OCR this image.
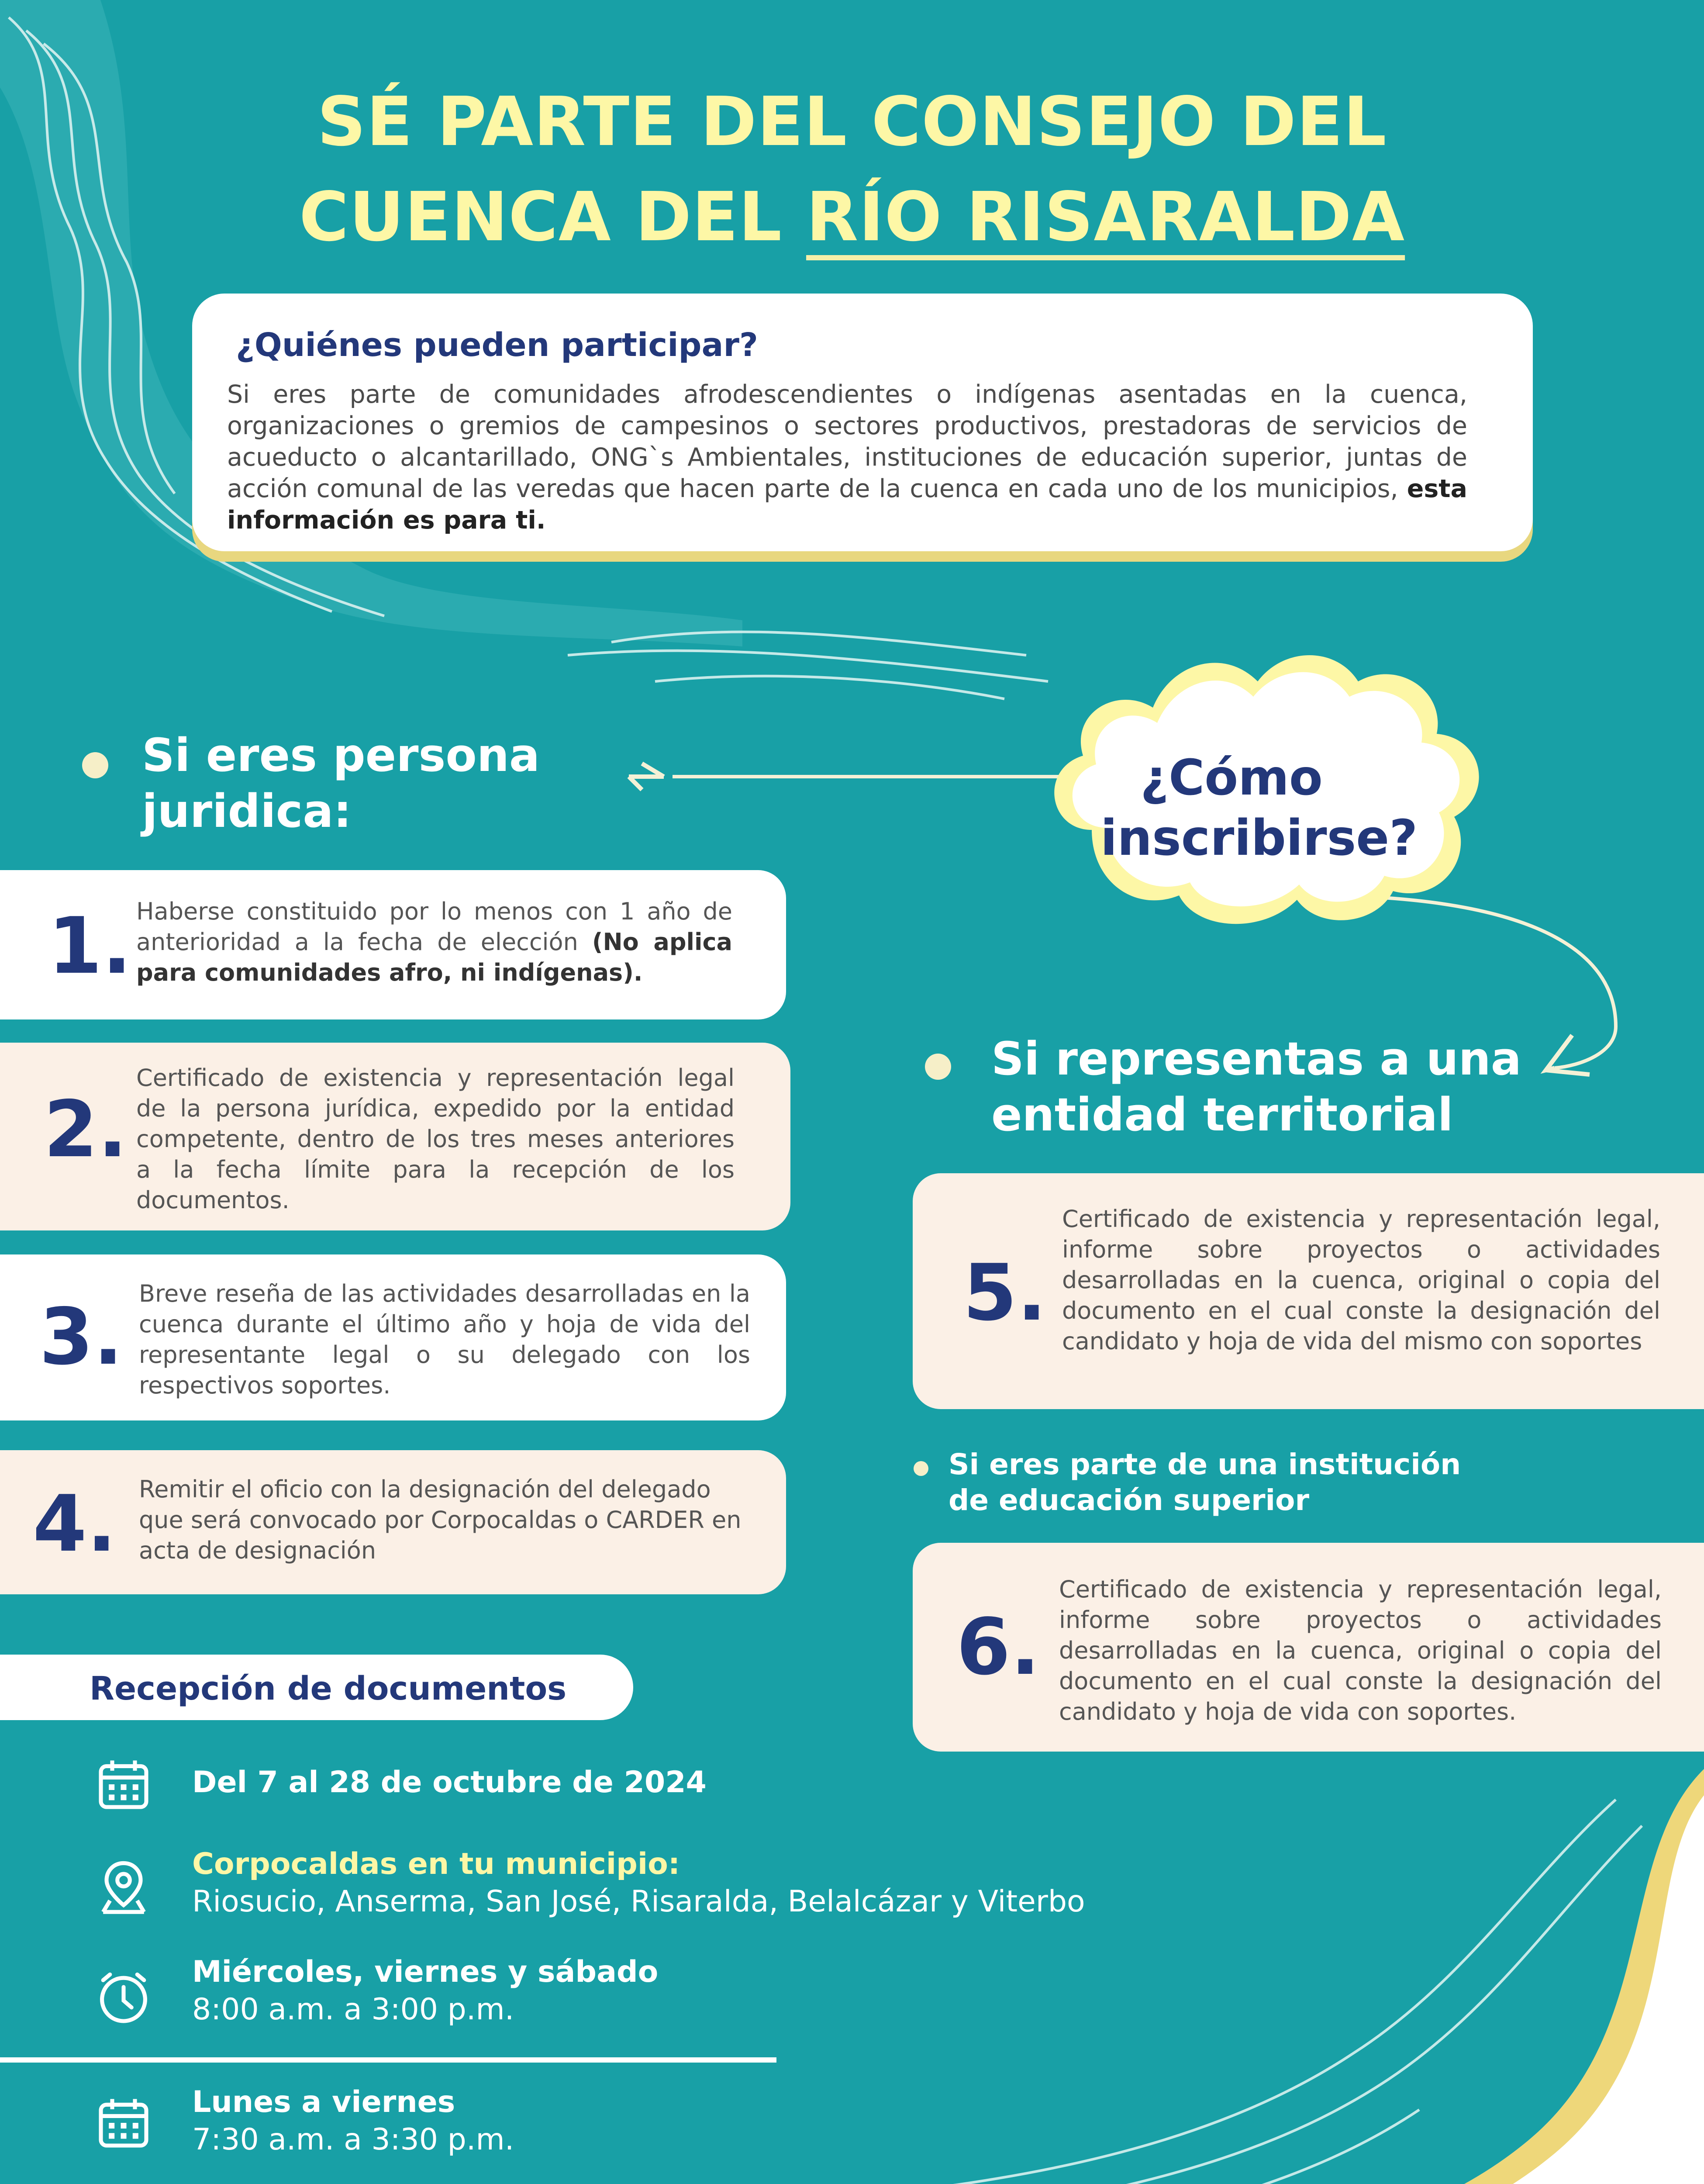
SÉ PARTE DEL CONSEJO DEL
CUENCA DEL RÍO RISARALDA
¿Quiénes pueden participar?
Si eres parte de comunidades afrodescendientes o indígenas asentadas en la cuenca, organizaciones o gremios de campesinos o sectores productivos, prestadoras de servicios de acueducto o alcantarillado, ONG`s Ambientales, instituciones de educación superior, juntas de acción comunal de las veredas que hacen parte de la cuenca en cada uno de los municipios, esta información es para ti.
¿Cómo
inscribirse?
Si eres persona
juridica:
1. Haberse constituido por lo menos con 1 año de anterioridad a la fecha de elección (No aplica para comunidades afro, ni indígenas).
2.
Certificado de existencia y representación legal de la persona jurídica, expedido por la entidad competente, dentro de los tres meses anteriores a la fecha límite para la recepción de los documentos.
3. Breve reseña de las actividades desarrolladas en la cuenca durante el último año y hoja de vida del representante legal o su delegado con los respectivos soportes.
4. Remitir el oficio con la designación del delegado que será convocado por Corpocaldas o CARDER en acta de designación
Si representas a una
entidad territorial
5.
Certificado de existencia y representación legal, informe sobre proyectos o actividades desarrolladas en la cuenca, original o copia del documento en el cual conste la designación del candidato y hoja de vida del mismo con soportes
Si eres parte de una institución
de educación superior
6.
Certificado de existencia y representación legal, informe sobre proyectos o actividades desarrolladas en la cuenca, original o copia del documento en el cual conste la designación del candidato y hoja de vida con soportes.
Recepción de documentos
Del 7 al 28 de octubre de 2024
Corpocaldas en tu municipio:
Riosucio, Anserma, San José, Risaralda, Belalcázar y Viterbo
Miércoles, viernes y sábado
8:00 a.m. a 3:00 p.m.
Lunes a viernes
7:30 a.m. a 3:30 p.m.
